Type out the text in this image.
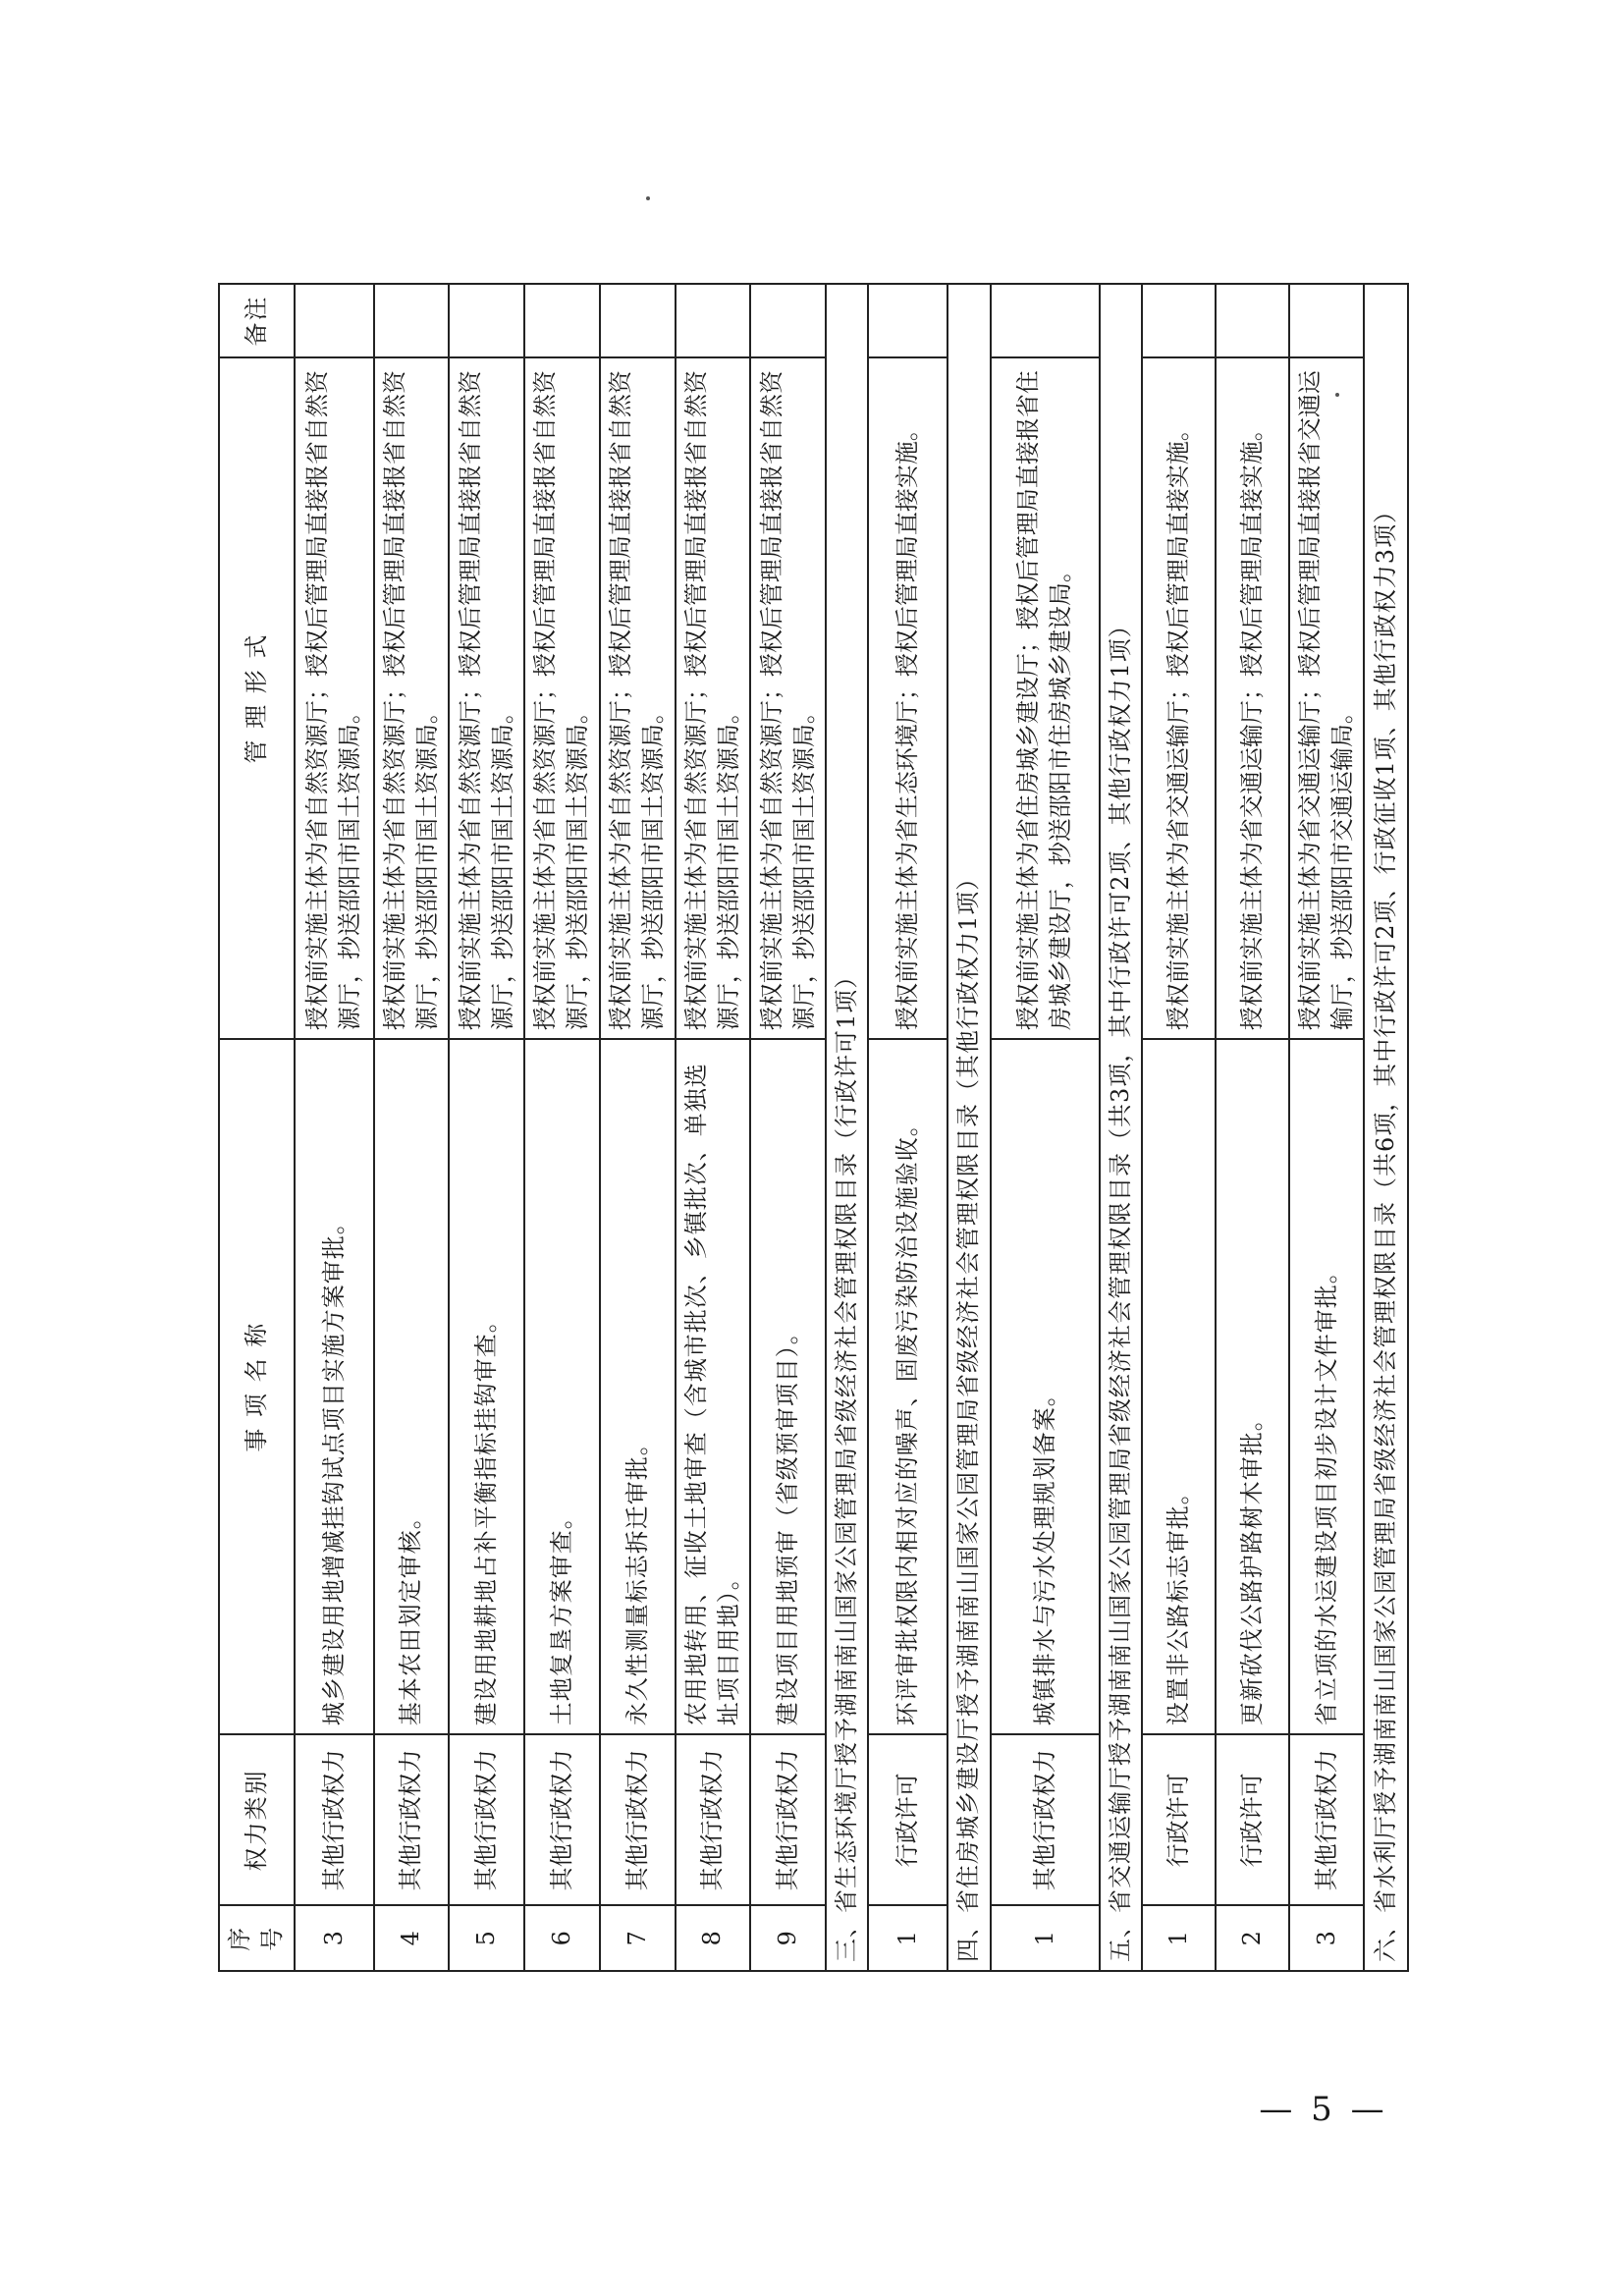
序号	权力类别	事 项 名 称	管 理 形 式	备注
3	其他行政权力	城乡建设用地增减挂钩试点项目实施方案审批。	授权前实施主体为省自然资源厅；授权后管理局直接报省自然资源厅，抄送邵阳市国土资源局。	
4	其他行政权力	基本农田划定审核。	授权前实施主体为省自然资源厅；授权后管理局直接报省自然资源厅，抄送邵阳市国土资源局。	
5	其他行政权力	建设用地耕地占补平衡指标挂钩审查。	授权前实施主体为省自然资源厅；授权后管理局直接报省自然资源厅，抄送邵阳市国土资源局。	
6	其他行政权力	土地复垦方案审查。	授权前实施主体为省自然资源厅；授权后管理局直接报省自然资源厅，抄送邵阳市国土资源局。	
7	其他行政权力	永久性测量标志拆迁审批。	授权前实施主体为省自然资源厅；授权后管理局直接报省自然资源厅，抄送邵阳市国土资源局。	
8	其他行政权力	农用地转用、征收土地审查（含城市批次、乡镇批次、单独选址项目用地）。	授权前实施主体为省自然资源厅；授权后管理局直接报省自然资源厅，抄送邵阳市国土资源局。	
9	其他行政权力	建设项目用地预审（省级预审项目）。	授权前实施主体为省自然资源厅；授权后管理局直接报省自然资源厅，抄送邵阳市国土资源局。	
三、省生态环境厅授予湖南南山国家公园管理局省级经济社会管理权限目录（行政许可1项）				
1	行政许可	环评审批权限内相对应的噪声、固废污染防治设施验收。	授权前实施主体为省生态环境厅；授权后管理局直接实施。	
四、省住房城乡建设厅授予湖南南山国家公园管理局省级经济社会管理权限目录（其他行政权力1项）				
1	其他行政权力	城镇排水与污水处理规划备案。	授权前实施主体为省住房城乡建设厅；授权后管理局直接报省住房城乡建设厅，抄送邵阳市住房城乡建设局。	
五、省交通运输厅授予湖南南山国家公园管理局省级经济社会管理权限目录（共3项，其中行政许可2项、其他行政权力1项）				
1	行政许可	设置非公路标志审批。	授权前实施主体为省交通运输厅；授权后管理局直接实施。	
2	行政许可	更新砍伐公路护路树木审批。	授权前实施主体为省交通运输厅；授权后管理局直接实施。	
3	其他行政权力	省立项的水运建设项目初步设计文件审批。	授权前实施主体为省交通运输厅；授权后管理局直接报省交通运输厅，抄送邵阳市交通运输局。	
六、省水利厅授予湖南南山国家公园管理局省级经济社会管理权限目录（共6项，其中行政许可2项、行政征收1项、其他行政权力3项）				
— 5 —
